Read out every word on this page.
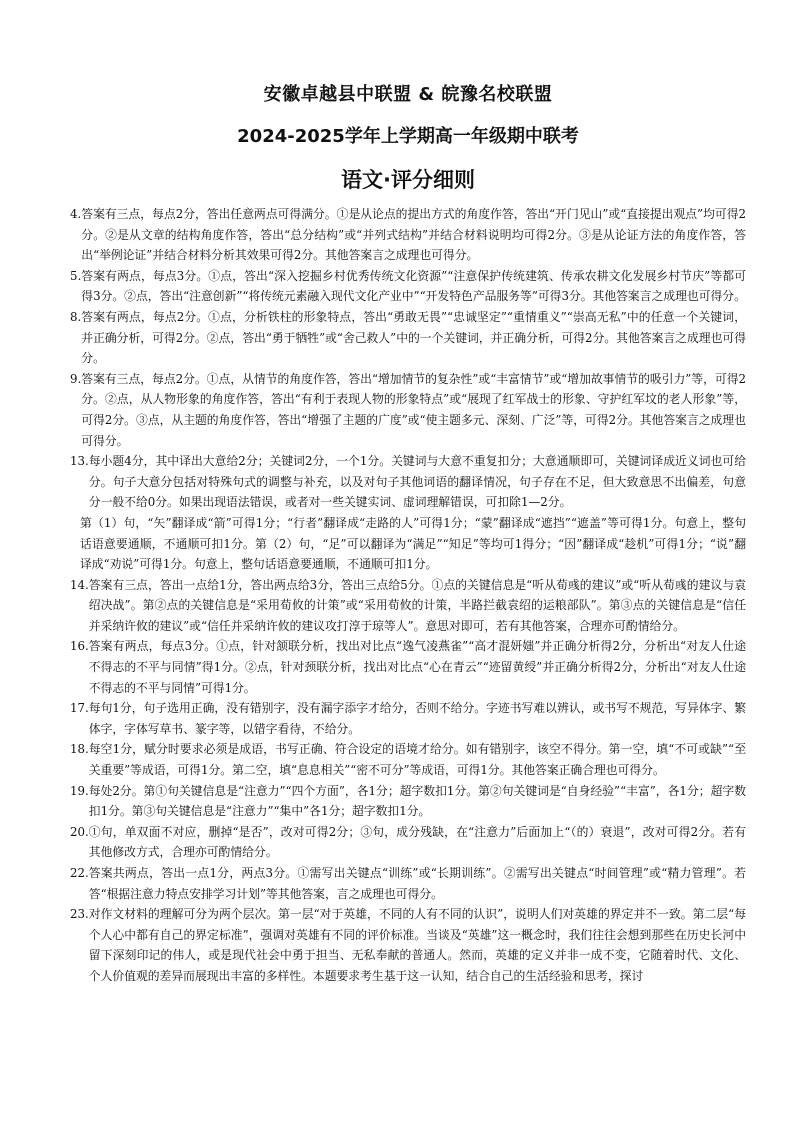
安徽卓越县中联盟 & 皖豫名校联盟
2024-2025学年上学期高一年级期中联考
语文·评分细则
4. 答案有三点，每点2分，答出任意两点可得满分。①是从论点的提出方式的角度作答，答出“开门见山”或“直接提出观点”均可得2分。②是从文章的结构角度作答，答出“总分结构”或“并列式结构”并结合材料说明均可得2分。③是从论证方法的角度作答，答出“举例论证”并结合材料分析其效果可得2分。其他答案言之成理也可得分。
5. 答案有两点，每点3分。①点，答出“深入挖掘乡村优秀传统文化资源”“注意保护传统建筑、传承农耕文化发展乡村节庆”等都可得3分。②点，答出“注意创新”“将传统元素融入现代文化产业中”“开发特色产品服务等”可得3分。其他答案言之成理也可得分。
8. 答案有两点，每点2分。①点，分析铁柱的形象特点，答出“勇敢无畏”“忠诚坚定”“重情重义”“崇高无私”中的任意一个关键词，并正确分析，可得2分。②点，答出“勇于牺牲”或“舍己救人”中的一个关键词，并正确分析，可得2分。其他答案言之成理也可得分。
9. 答案有三点，每点2分。①点，从情节的角度作答，答出“增加情节的复杂性”或“丰富情节”或“增加故事情节的吸引力”等，可得2分。②点，从人物形象的角度作答，答出“有利于表现人物的形象特点”或“展现了红军战士的形象、守护红军坟的老人形象”等，可得2分。③点，从主题的角度作答，答出“增强了主题的广度”或“使主题多元、深刻、广泛”等，可得2分。其他答案言之成理也可得分。
13. 每小题4分，其中译出大意给2分；关键词2分，一个1分。关键词与大意不重复扣分；大意通顺即可，关键词译成近义词也可给分。句子大意分包括对特殊句式的调整与补充，以及对句子其他词语的翻译情况，句子存在不足，但大致意思不出偏差，句意分一般不给0分。如果出现语法错误，或者对一些关键实词、虚词理解错误，可扣除1—2分。
第（1）句，“矢”翻译成“箭”可得1分；“行者”翻译成“走路的人”可得1分；“蒙”翻译成“遮挡”“遮盖”等可得1分。句意上，整句话语意要通顺，不通顺可扣1分。第（2）句，“足”可以翻译为“满足”“知足”等均可1得分；“因”翻译成“趁机”可得1分；“说”翻译成“劝说”可得1分。句意上，整句话语意要通顺，不通顺可扣1分。
14. 答案有三点，答出一点给1分，答出两点给3分，答出三点给5分。①点的关键信息是“听从荀彧的建议”或“听从荀彧的建议与袁绍决战”。第②点的关键信息是“采用荀攸的计策”或“采用荀攸的计策，半路拦截袁绍的运粮部队”。第③点的关键信息是“信任并采纳许攸的建议”或“信任并采纳许攸的建议攻打淳于琼等人”。意思对即可，若有其他答案，合理亦可酌情给分。
16. 答案有两点，每点3分。①点，针对颔联分析，找出对比点“逸气凌燕雀”“高才混妍媸”并正确分析得2分，分析出“对友人仕途不得志的不平与同情”得1分。②点，针对颈联分析，找出对比点“心在青云”“迹留黄绶”并正确分析得2分，分析出“对友人仕途不得志的不平与同情”可得1分。
17. 每句1分，句子选用正确，没有错别字，没有漏字添字才给分，否则不给分。字迹书写难以辨认，或书写不规范，写异体字、繁体字，字体写草书、篆字等，以错字看待，不给分。
18. 每空1分，赋分时要求必须是成语，书写正确、符合设定的语境才给分。如有错别字，该空不得分。第一空，填“不可或缺”“至关重要”等成语，可得1分。第二空，填“息息相关”“密不可分”等成语，可得1分。其他答案正确合理也可得分。
19. 每处2分。第①句关键信息是“注意力”“四个方面”，各1分；超字数扣1分。第②句关键词是“自身经验”“丰富”，各1分；超字数扣1分。第③句关键信息是“注意力”“集中”各1分；超字数扣1分。
20. ①句，单双面不对应，删掉“是否”，改对可得2分；③句，成分残缺，在“注意力”后面加上“（的）衰退”，改对可得2分。若有其他修改方式，合理亦可酌情给分。
22. 答案共两点，答出一点1分，两点3分。①需写出关键点“训练”或“长期训练”。②需写出关键点“时间管理”或“精力管理”。若答“根据注意力特点安排学习计划”等其他答案，言之成理也可得分。
23. 对作文材料的理解可分为两个层次。第一层“对于英雄，不同的人有不同的认识”，说明人们对英雄的界定并不一致。第二层“每个人心中都有自己的界定标准”，强调对英雄有不同的评价标准。当谈及“英雄”这一概念时，我们往往会想到那些在历史长河中留下深刻印记的伟人，或是现代社会中勇于担当、无私奉献的普通人。然而，英雄的定义并非一成不变，它随着时代、文化、个人价值观的差异而展现出丰富的多样性。本题要求考生基于这一认知，结合自己的生活经验和思考，探讨
